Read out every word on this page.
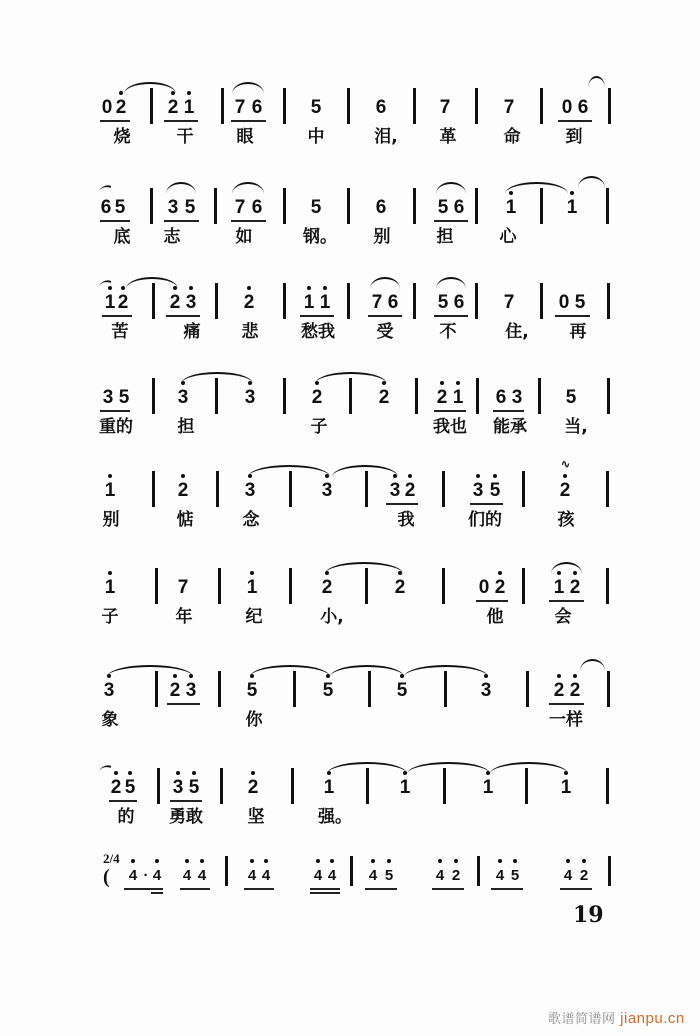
0 2 2 1 7 6	5	6	7	7 0 6
烧	干	眼	中	泪, 革	命	到
6 5 3 5 7 6	5	6	5 6 1	1
底 志	如	钢。 别	担	心
1 2 2 3 2	1 1 7 6 5 6 7 0 5
苦	痛 悲	愁我 受	不	住, 再
3 5	3	3	2	2 2 1 6 3 5
重的	担	子	我也 能承 当,
1	2	3	3	3 2	3 5	2
∿
别	惦	念	我	们的	孩
1	7	1	2	2	0 2	1 2
子	年	纪	小,	他	会
3	2 3	5	5	5	3	2 2
象	你	一样
2 5 3 5	2	1	1	1	1
的 勇敢	坚	强。
4 · 4 4 4	4 4	4 4 4 5	4 2 4 5	4 2
2/4
(
19
歌谱简谱网 jianpu.cn
